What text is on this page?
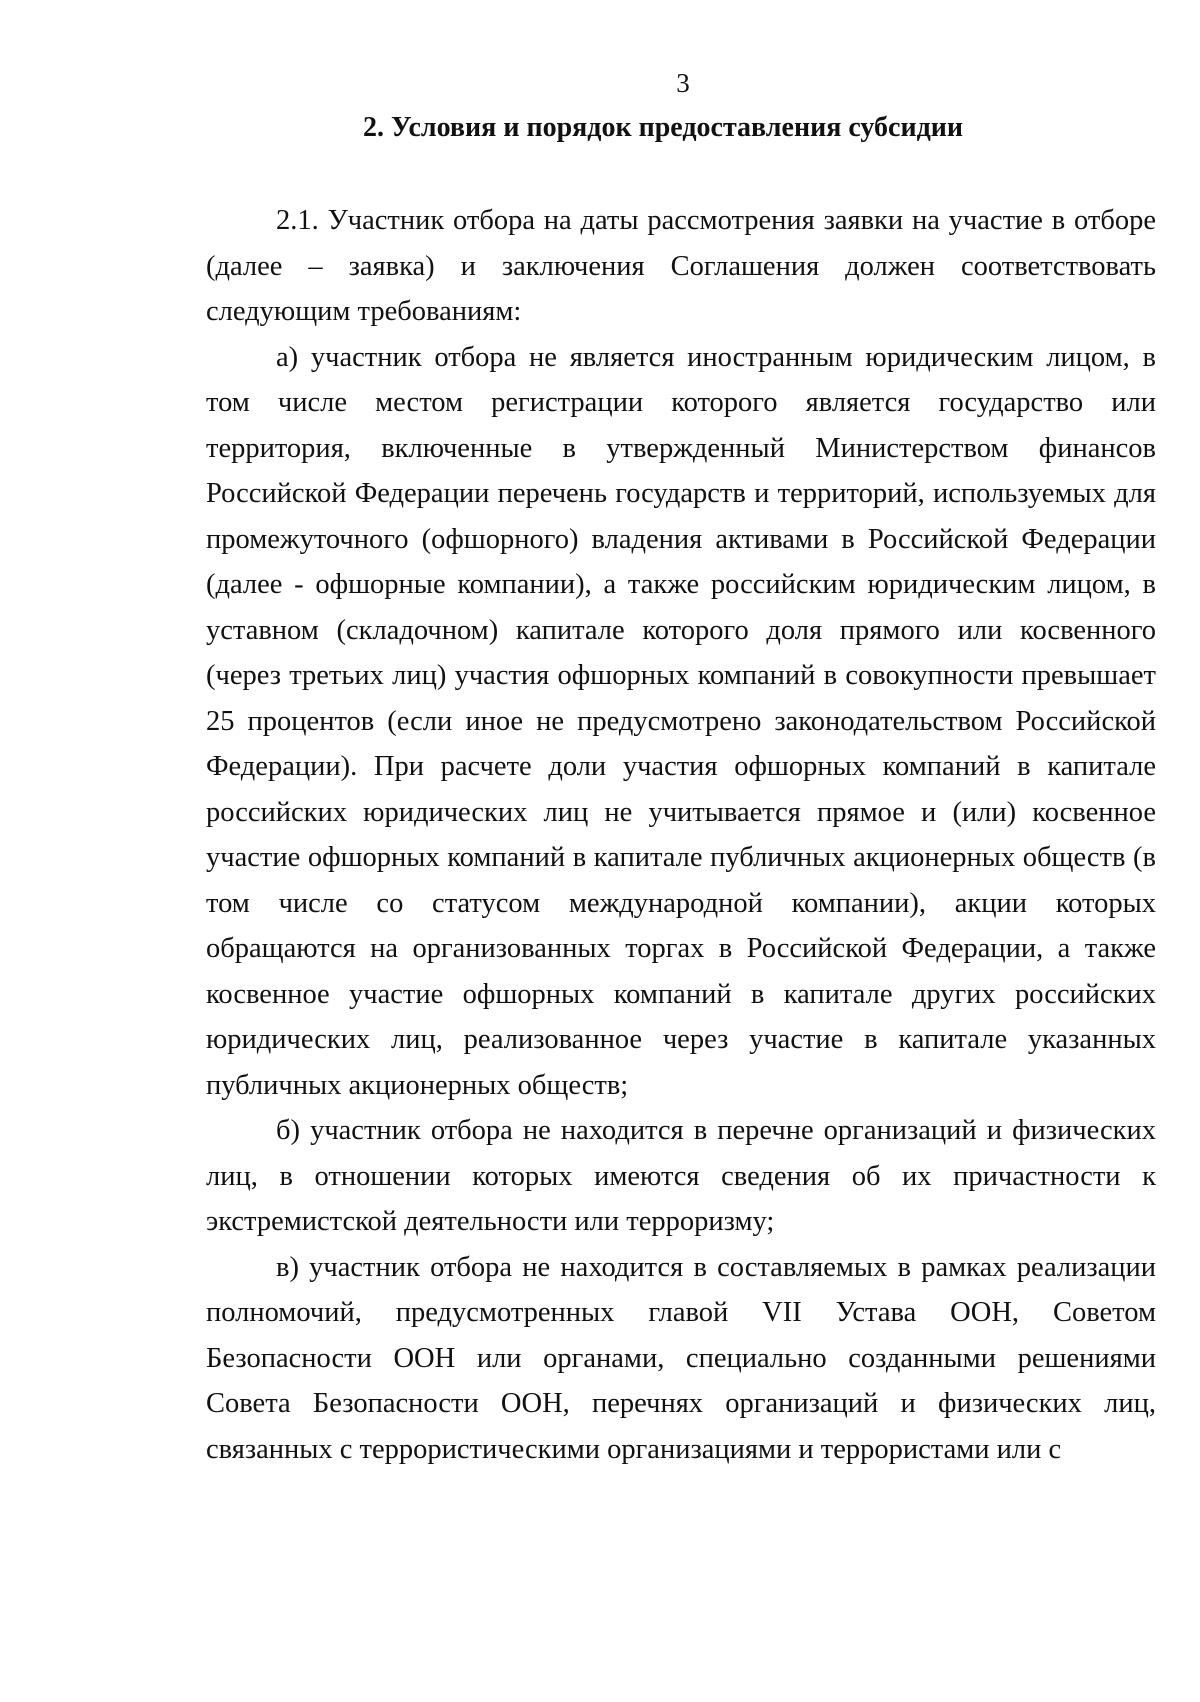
3
2. Условия и порядок предоставления субсидии

2.1. Участник отбора на даты рассмотрения заявки на участие в отборе (далее – заявка) и заключения Соглашения должен соответствовать следующим требованиям:

а) участник отбора не является иностранным юридическим лицом, в том числе местом регистрации которого является государство или территория, включенные в утвержденный Министерством финансов Российской Федерации перечень государств и территорий, используемых для промежуточного (офшорного) владения активами в Российской Федерации (далее - офшорные компании), а также российским юридическим лицом, в уставном (складочном) капитале которого доля прямого или косвенного (через третьих лиц) участия офшорных компаний в совокупности превышает 25 процентов (если иное не предусмотрено законодательством Российской Федерации). При расчете доли участия офшорных компаний в капитале российских юридических лиц не учитывается прямое и (или) косвенное участие офшорных компаний в капитале публичных акционерных обществ (в том числе со статусом международной компании), акции которых обращаются на организованных торгах в Российской Федерации, а также косвенное участие офшорных компаний в капитале других российских юридических лиц, реализованное через участие в капитале указанных публичных акционерных обществ;

б) участник отбора не находится в перечне организаций и физических лиц, в отношении которых имеются сведения об их причастности к экстремистской деятельности или терроризму;

в) участник отбора не находится в составляемых в рамках реализации полномочий, предусмотренных главой VII Устава ООН, Советом Безопасности ООН или органами, специально созданными решениями Совета Безопасности ООН, перечнях организаций и физических лиц, связанных с террористическими организациями и террористами или с
